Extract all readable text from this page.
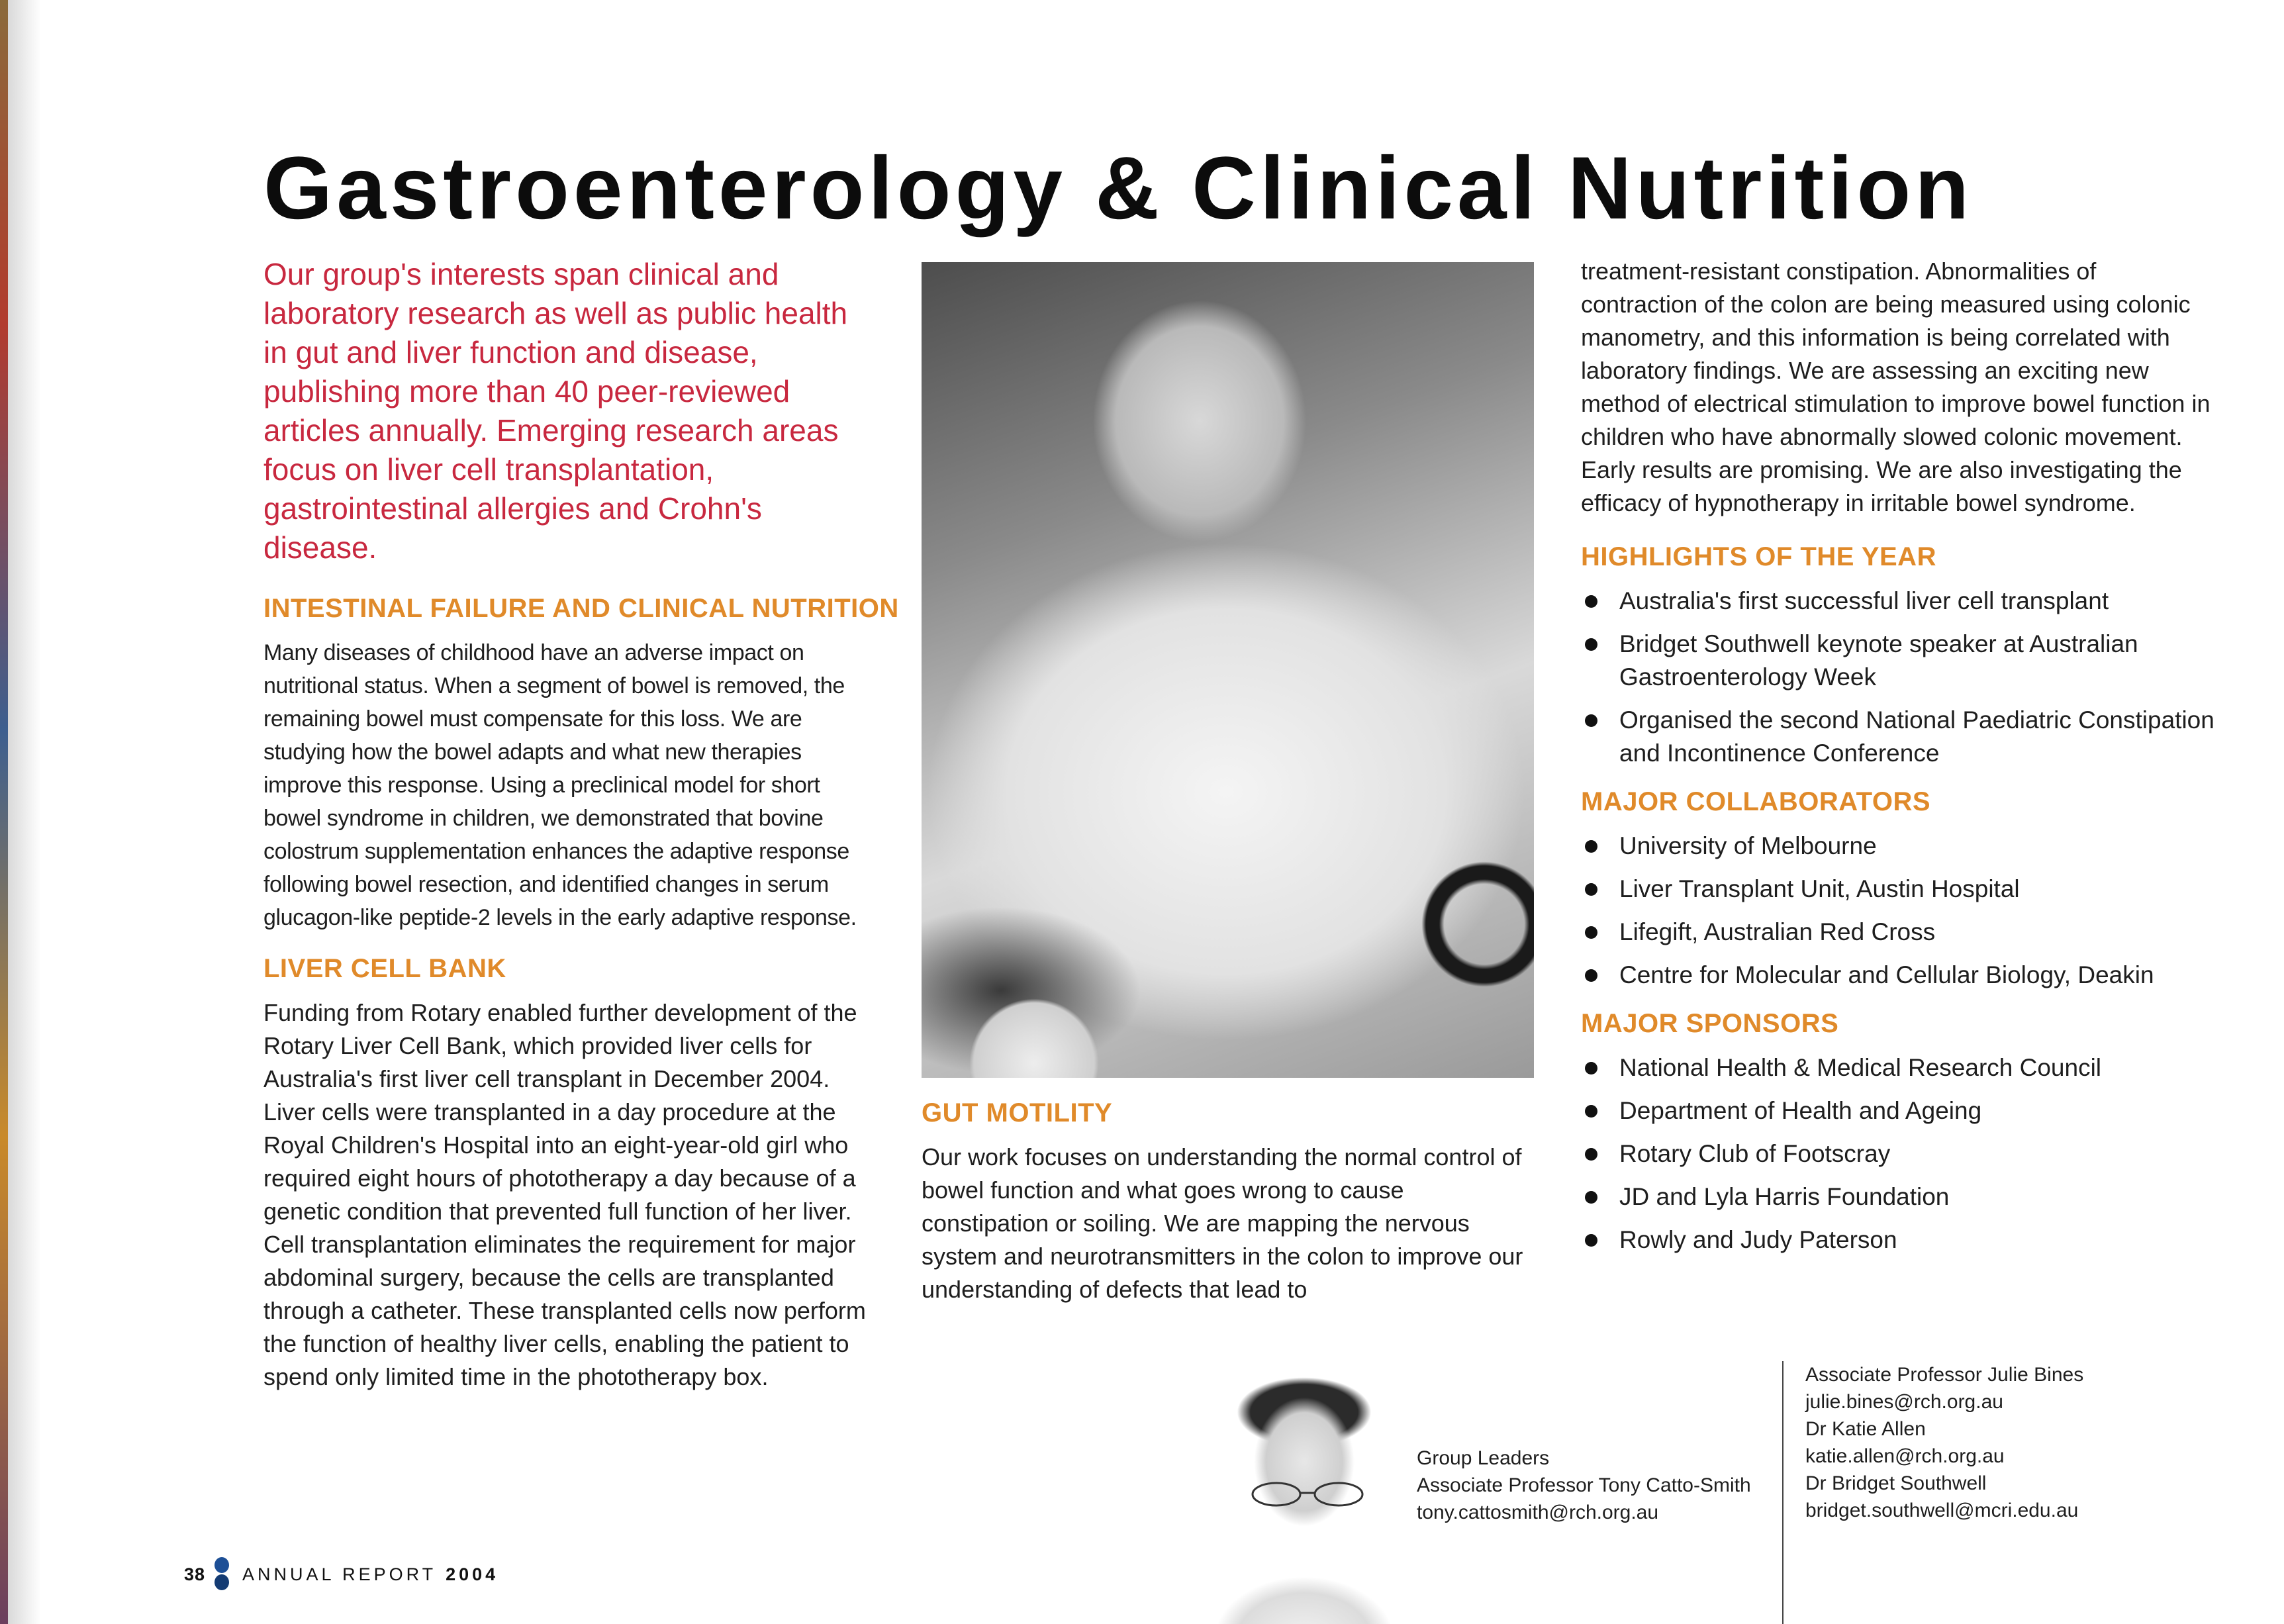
Gastroenterology & Clinical Nutrition

Our group's interests span clinical and laboratory research as well as public health in gut and liver function and disease, publishing more than 40 peer-reviewed articles annually. Emerging research areas focus on liver cell transplantation, gastrointestinal allergies and Crohn's disease.

INTESTINAL FAILURE AND CLINICAL NUTRITION

Many diseases of childhood have an adverse impact on nutritional status. When a segment of bowel is removed, the remaining bowel must compensate for this loss. We are studying how the bowel adapts and what new therapies improve this response. Using a preclinical model for short bowel syndrome in children, we demonstrated that bovine colostrum supplementation enhances the adaptive response following bowel resection, and identified changes in serum glucagon-like peptide-2 levels in the early adaptive response.

LIVER CELL BANK

Funding from Rotary enabled further development of the Rotary Liver Cell Bank, which provided liver cells for Australia's first liver cell transplant in December 2004. Liver cells were transplanted in a day procedure at the Royal Children's Hospital into an eight-year-old girl who required eight hours of phototherapy a day because of a genetic condition that prevented full function of her liver. Cell transplantation eliminates the requirement for major abdominal surgery, because the cells are transplanted through a catheter. These transplanted cells now perform the function of healthy liver cells, enabling the patient to spend only limited time in the phototherapy box.

GUT MOTILITY

Our work focuses on understanding the normal control of bowel function and what goes wrong to cause constipation or soiling. We are mapping the nervous system and neurotransmitters in the colon to improve our understanding of defects that lead to

treatment-resistant constipation. Abnormalities of contraction of the colon are being measured using colonic manometry, and this information is being correlated with laboratory findings. We are assessing an exciting new method of electrical stimulation to improve bowel function in children who have abnormally slowed colonic movement. Early results are promising. We are also investigating the efficacy of hypnotherapy in irritable bowel syndrome.

HIGHLIGHTS OF THE YEAR
Australia's first successful liver cell transplant
Bridget Southwell keynote speaker at Australian Gastroenterology Week
Organised the second National Paediatric Constipation and Incontinence Conference
MAJOR COLLABORATORS
University of Melbourne
Liver Transplant Unit, Austin Hospital
Lifegift, Australian Red Cross
Centre for Molecular and Cellular Biology, Deakin
MAJOR SPONSORS
National Health & Medical Research Council
Department of Health and Ageing
Rotary Club of Footscray
JD and Lyla Harris Foundation
Rowly and Judy Paterson
Group Leaders
Associate Professor Tony Catto-Smith
tony.cattosmith@rch.org.au
Associate Professor Julie Bines
julie.bines@rch.org.au
Dr Katie Allen
katie.allen@rch.org.au
Dr Bridget Southwell
bridget.southwell@mcri.edu.au
38 ANNUAL REPORT 2004
